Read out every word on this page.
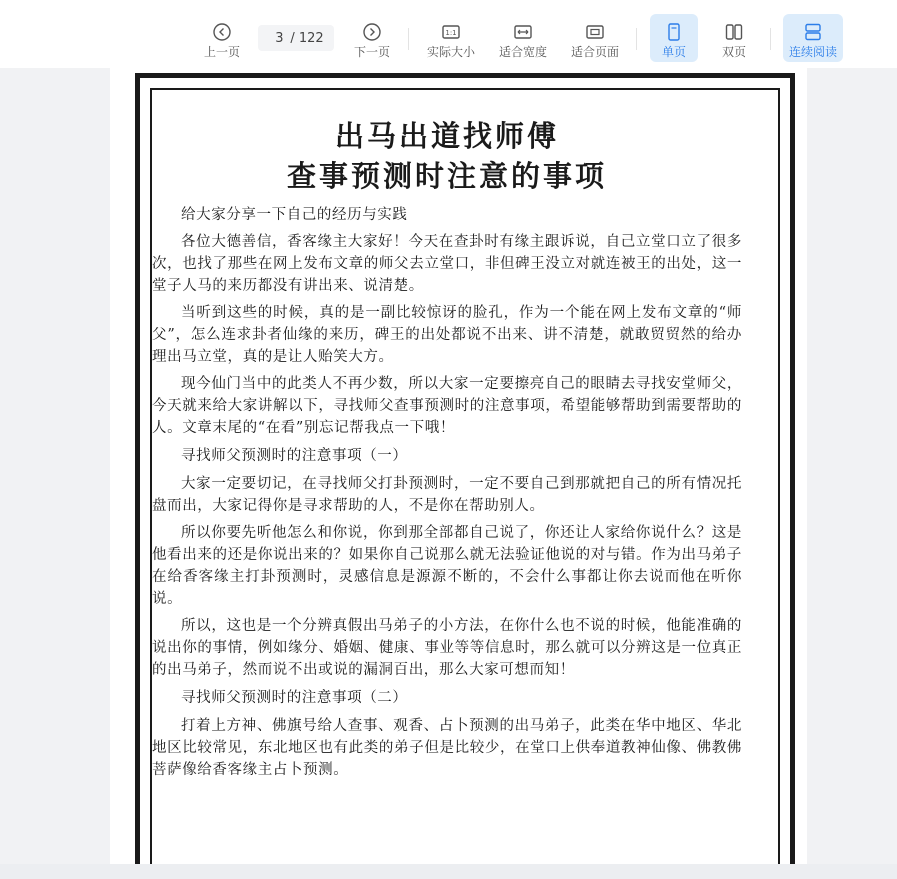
上一页
3
/ 122
下一页
1:1
实际大小 适合宽度 适合页面	单页	双页	连续阅读
出马出道找师傅
查事预测时注意的事项

给大家分享一下自己的经历与实践

各位大德善信，香客缘主大家好！今天在查卦时有缘主跟诉说，自己立堂口立了很多次，也找了那些在网上发布文章的师父去立堂口，非但碑王没立对就连被王的出处，这一堂子人马的来历都没有讲出来、说清楚。

当听到这些的时候，真的是一副比较惊讶的脸孔，作为一个能在网上发布文章的“师父”，怎么连求卦者仙缘的来历，碑王的出处都说不出来、讲不清楚，就敢贸贸然的给办理出马立堂，真的是让人贻笑大方。

现今仙门当中的此类人不再少数，所以大家一定要擦亮自己的眼睛去寻找安堂师父，今天就来给大家讲解以下，寻找师父查事预测时的注意事项，希望能够帮助到需要帮助的人。文章末尾的“在看”别忘记帮我点一下哦！

寻找师父预测时的注意事项（一）

大家一定要切记，在寻找师父打卦预测时，一定不要自己到那就把自己的所有情况托盘而出，大家记得你是寻求帮助的人，不是你在帮助别人。

所以你要先听他怎么和你说，你到那全部都自己说了，你还让人家给你说什么？这是他看出来的还是你说出来的？如果你自己说那么就无法验证他说的对与错。作为出马弟子在给香客缘主打卦预测时，灵感信息是源源不断的，不会什么事都让你去说而他在听你说。

所以，这也是一个分辨真假出马弟子的小方法，在你什么也不说的时候，他能准确的说出你的事情，例如缘分、婚姻、健康、事业等等信息时，那么就可以分辨这是一位真正的出马弟子，然而说不出或说的漏洞百出，那么大家可想而知！

寻找师父预测时的注意事项（二）

打着上方神、佛旗号给人查事、观香、占卜预测的出马弟子，此类在华中地区、华北地区比较常见，东北地区也有此类的弟子但是比较少，在堂口上供奉道教神仙像、佛教佛菩萨像给香客缘主占卜预测。
